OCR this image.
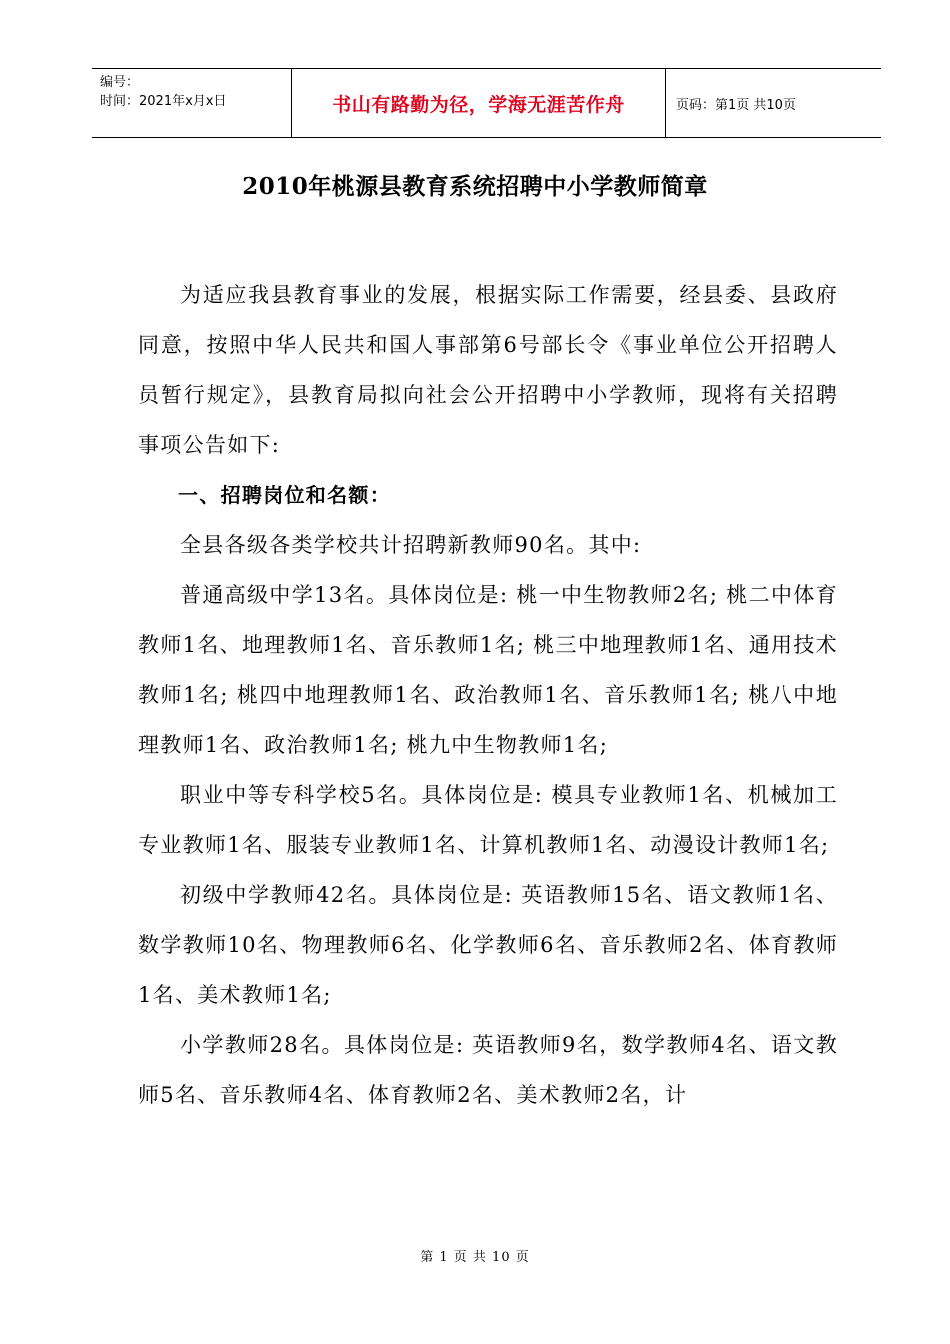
编号：
时间：2021年x月x日	书山有路勤为径，学海无涯苦作舟	页码：第1页 共10页
2010年桃源县教育系统招聘中小学教师简章

为适应我县教育事业的发展，根据实际工作需要，经县委、县政府同意，按照中华人民共和国人事部第6号部长令《事业单位公开招聘人员暂行规定》，县教育局拟向社会公开招聘中小学教师，现将有关招聘事项公告如下:

一、招聘岗位和名额：

全县各级各类学校共计招聘新教师90名。其中:

普通高级中学13名。具体岗位是: 桃一中生物教师2名; 桃二中体育教师1名、地理教师1名、音乐教师1名; 桃三中地理教师1名、通用技术教师1名; 桃四中地理教师1名、政治教师1名、音乐教师1名; 桃八中地理教师1名、政治教师1名; 桃九中生物教师1名;

职业中等专科学校5名。具体岗位是: 模具专业教师1名、机械加工专业教师1名、服装专业教师1名、计算机教师1名、动漫设计教师1名;

初级中学教师42名。具体岗位是: 英语教师15名、语文教师1名、数学教师10名、物理教师6名、化学教师6名、音乐教师2名、体育教师1名、美术教师1名;

小学教师28名。具体岗位是: 英语教师9名，数学教师4名、语文教师5名、音乐教师4名、体育教师2名、美术教师2名，计

第 1 页 共 10 页
